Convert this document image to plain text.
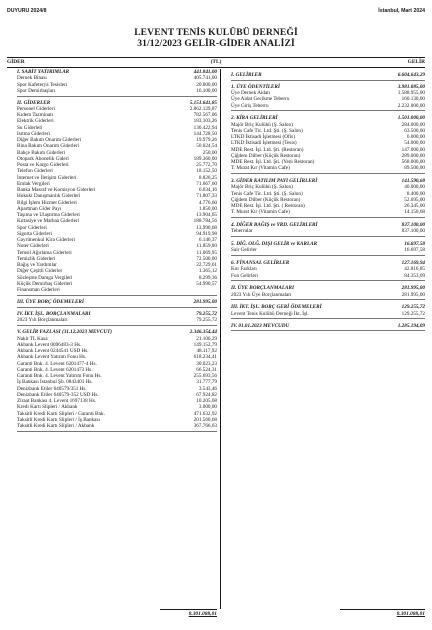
DUYURU 2024/8	İstanbul, Mart 2024
LEVENT TENİS KULÜBÜ DERNEĞİ
31/12/2023 GELİR-GİDER ANALİZİ
GİDER	(TL)	GELİR
I. SABİT YATIRIMLAR	441.841,00
Dernek Binası	405.741,00
Spor Kafeterya Tesisleri	20.000,00
Spor Demirbaşları	16.100,00
II. GİDERLER	5.151.641,85
Personel Giderleri	2.862.129,87
Kıdem Tazminatı	782.567,06
Elektrik Giderleri	183.103,26
Su Giderleri	130.422,94
Isıtma Giderleri	144.728,50
Diğer Bakım Onarım Giderleri	19.979,26
Bina Bakım Onarım Giderleri	50.024,54
Bahçe Bakım Giderleri	250,00
Otopark Abonelik Gideri	189.360,00
Posta ve Kargo Giderleri	25.772,70
Telefon Giderleri	18.152,50
İnternet ve İletişim Giderleri	8.820,25
Emlak Vergileri	71.667,60
Banka Masraf ve Komisyon Giderleri	6.034,16
Hukuki Danışmanlık Giderleri	71.807,33
Bilgi İşlem Hizmet Giderleri	4.776,60
Apartman Gider Payı	1.850,00
Taşıma ve Ulaştırma Giderleri	13.904,65
Kırtasiye ve Matbaa Giderleri	188.784,56
Spor Giderleri	13.990,68
Sigorta Giderleri	94.919,98
Gayrimenkul Kira Giderleri	6.146,37
Noter Giderleri	11.859,00
Temsil Ağırlama Giderleri	11.069,95
Temizlik Giderleri	72.500,00
Bağış ve Yardımlar	22.729,61
Diğer Çeşitli Giderler	1.365,12
Sözleşme Damga Vergileri	8.299,36
Küçük Demirbaş Giderleri	54.990,57
Finansman Giderleri
III. ÜYE BORÇ ÖDEMELERİ	281.995,00
IV. İKT. İŞL. BORÇLANMALARI	79.255,72
2023 Yılı Borçlanmaları	79.255,72
V. GELİR FAZLASI (31.12.2023 MEVCUT)	2.346.354,44
Nakit TL Kasa	21.106,29
Akbank Levent 0096483-3 Hs.	149.152,79
Akbank Levent 0244541 USD Hs.	48.117,92
Akbank Levent Yatırım Fonu Hs.	618.234,41
Garanti Bnk. 4. Levent 6201477-4 Hs.	30.023,23
Garanti Bnk. 4. Levent 6201473 Hs.	66.524,31
Garanti Bnk. 4. Levent Yatırım Fonu Hs.	255.693,56
İş Bankası İstanbul Şb. 0843401 Hs.	31.777,79
Denizbank Etiler 640579/351 Hs.	3.543,46
Denizbank Etiler 640579-352 USD Hs.	67.924,82
Ziraat Bankası 4. Levent 1697138 Hs.	10.205,68
Kredi Kartı Slipleri / Akbank	3.000,00
Taksitli Kredi Kartı Slipleri / Garanti Bnk.	471.632,92
Taksitli Kredi Kartı Slipleri / İş Bankası	201.560,68
Taksitli Kredi Kartı Slipleri / Akbank	367.766,63
I. GELİRLER	6.604.643,29
1. ÜYE ÖDENTİLERİ	3.981.085,00
Üye Dernek Aidatı	1.588.955,00
Üye Aidat Gecikme Teberru	160.130,00
Üye Giriş Teberru	2.232.000,00
2. KİRA GELİRLERİ	1.501.000,00
Majör Briç Kulübü (Ş. Salon)	284.000,00
Tenis Cafe Tic. Ltd. Şti. (Ş. Salon)	63.500,00
LTKD İktisadi İşletmesi (Ofis)	6.000,00
LTKD İktisadi İşletmesi (Tesis)	54.000,00
MDE Rest. İşl. Ltd. Şti. (Restoran)	147.000,00
Çiğdem Dilber (Küçük Restoran)	289.000,00
MDE Rest. İşl. Ltd. Şti. (Yeni Restoran)	568.000,00
T. Murat Kır (Vitamin Cafe)	89.500,00
3. GİDER KATILIM PAYI GELİRLERİ	141.590,68
Majör Briç Kulübü (Ş. Salon)	40.000,00
Tenis Cafe Tic. Ltd. Şti. (Ş. Salon)	8.400,00
Çiğdem Dilber (Küçük Restoran)	52.695,00
MDE Rest. İşl. Ltd. Şti. ( Restoran)	26.345,00
T. Murat Kır (Vitamin Cafe)	14.150,68
4. DİĞER BAĞIŞ ve YRD. GELİRLERİ	837.100,00
Teberrular	837.100,00
5. DİĞ. OLĞ. DIŞI GELİR ve KARLAR	16.697,58
Sair Gelirler	16.697,58
6. FİNANSAL GELİRLER	127.169,94
Kur Farkları	42.816,85
Fon Gelirleri	84.353,09
II. ÜYE BORÇLANMALARI	281.995,00
2023 Yılı Üye Borçlanmaları	281.995,00
III. İKT. İŞL. BORÇ GERİ ÖDEMELERİ	129.255,72
Levent Tenis Kulübü Derneği İkt. İşl.	129.255,72
IV. 01.01.2023 MEVCUDU	1.285.194,09
8.301.088,01	8.301.088,01
